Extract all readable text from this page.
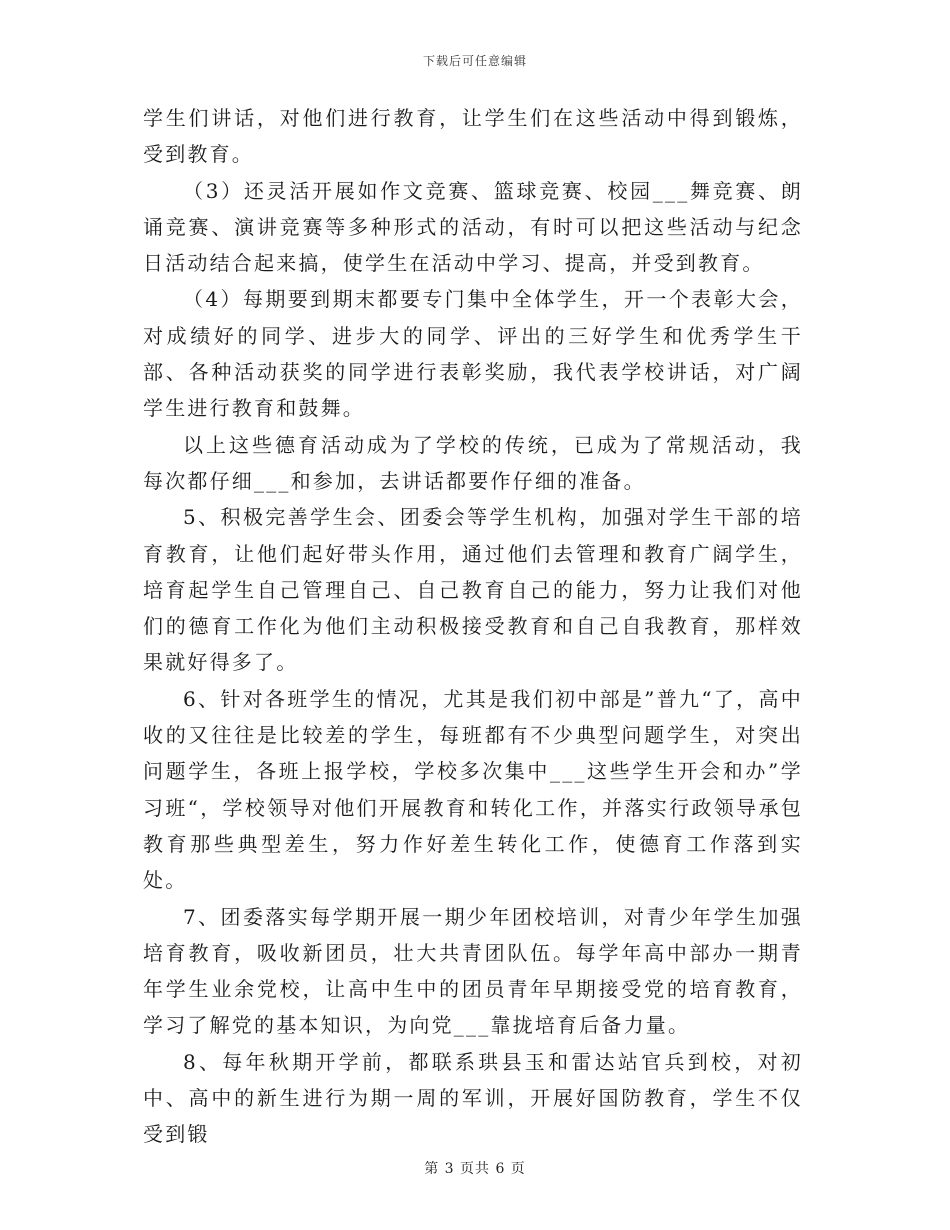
下载后可任意编辑

学生们讲话，对他们进行教育，让学生们在这些活动中得到锻炼，受到教育。

（3）还灵活开展如作文竞赛、篮球竞赛、校园___舞竞赛、朗诵竞赛、演讲竞赛等多种形式的活动，有时可以把这些活动与纪念日活动结合起来搞，使学生在活动中学习、提高，并受到教育。

（4）每期要到期末都要专门集中全体学生，开一个表彰大会，对成绩好的同学、进步大的同学、评出的三好学生和优秀学生干部、各种活动获奖的同学进行表彰奖励，我代表学校讲话，对广阔学生进行教育和鼓舞。

以上这些德育活动成为了学校的传统，已成为了常规活动，我每次都仔细___和参加，去讲话都要作仔细的准备。

5、积极完善学生会、团委会等学生机构，加强对学生干部的培育教育，让他们起好带头作用，通过他们去管理和教育广阔学生，培育起学生自己管理自己、自己教育自己的能力，努力让我们对他们的德育工作化为他们主动积极接受教育和自己自我教育，那样效果就好得多了。

6、针对各班学生的情况，尤其是我们初中部是”普九“了，高中收的又往往是比较差的学生，每班都有不少典型问题学生，对突出问题学生，各班上报学校，学校多次集中___这些学生开会和办”学习班“，学校领导对他们开展教育和转化工作，并落实行政领导承包教育那些典型差生，努力作好差生转化工作，使德育工作落到实处。

7、团委落实每学期开展一期少年团校培训，对青少年学生加强培育教育，吸收新团员，壮大共青团队伍。每学年高中部办一期青年学生业余党校，让高中生中的团员青年早期接受党的培育教育，学习了解党的基本知识，为向党___靠拢培育后备力量。

8、每年秋期开学前，都联系珙县玉和雷达站官兵到校，对初中、高中的新生进行为期一周的军训，开展好国防教育，学生不仅受到锻

第 3 页共 6 页
